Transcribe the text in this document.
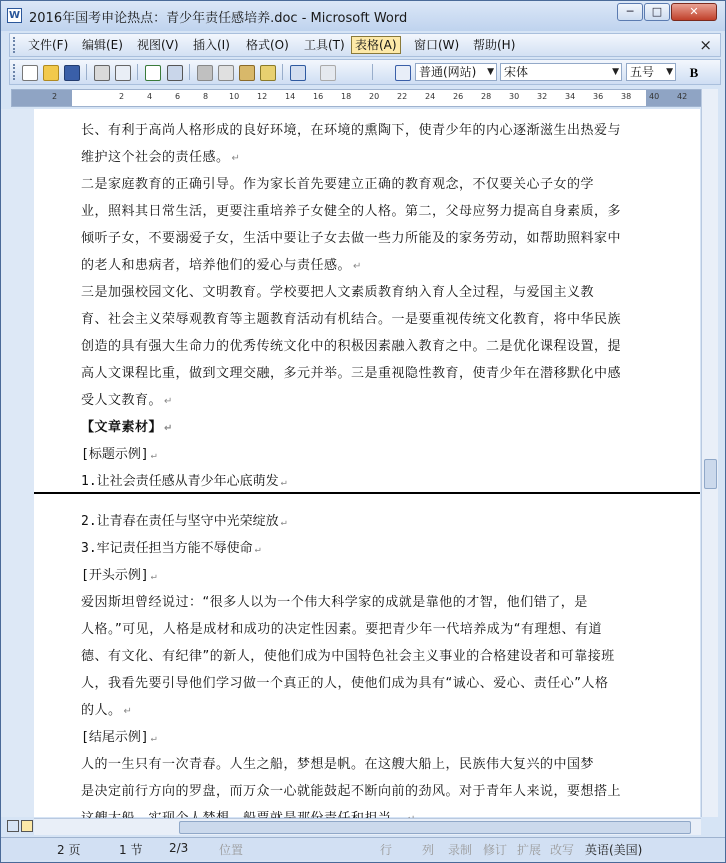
W 2016年国考申论热点：青少年责任感培养.doc - Microsoft Word	─	□	✕
文件(F) 编辑(E) 视图(V) 插入(I) 格式(O) 工具(T) 表格(A)	窗口(W) 帮助(H)	×
普通(网站) ▼ 宋体	▼ 五号 ▼	B
2	2	4	6	8	10 12 14 16 18 20 22 24 26 28 30 32 34 36 38 40 42
长、有利于高尚人格形成的良好环境，在环境的熏陶下，使青少年的内心逐渐滋生出热爱与
维护这个社会的责任感。 ↵
二是家庭教育的正确引导。作为家长首先要建立正确的教育观念，不仅要关心子女的学
业，照料其日常生活，更要注重培养子女健全的人格。第二，父母应努力提高自身素质，多
倾听子女，不要溺爱子女，生活中要让子女去做一些力所能及的家务劳动，如帮助照料家中
的老人和患病者，培养他们的爱心与责任感。 ↵
三是加强校园文化、文明教育。学校要把人文素质教育纳入育人全过程，与爱国主义教
育、社会主义荣辱观教育等主题教育活动有机结合。一是要重视传统文化教育，将中华民族
创造的具有强大生命力的优秀传统文化中的积极因素融入教育之中。二是优化课程设置，提
高人文课程比重，做到文理交融，多元并举。三是重视隐性教育，使青少年在潜移默化中感
受人文教育。 ↵
【文章素材】 ↵
[标题示例] ↵
1.让社会责任感从青少年心底萌发 ↵
2.让青春在责任与坚守中光荣绽放 ↵
3.牢记责任担当方能不辱使命 ↵
[开头示例] ↵
爱因斯坦曾经说过：“很多人以为一个伟大科学家的成就是靠他的才智，他们错了，是
人格。”可见，人格是成材和成功的决定性因素。要把青少年一代培养成为“有理想、有道
德、有文化、有纪律”的新人，使他们成为中国特色社会主义事业的合格建设者和可靠接班
人，我看先要引导他们学习做一个真正的人，使他们成为具有“诚心、爱心、责任心”人格
的人。 ↵
[结尾示例] ↵
人的一生只有一次青春。人生之船，梦想是帆。在这艘大船上，民族伟大复兴的中国梦
是决定前行方向的罗盘，而万众一心就能鼓起不断向前的劲风。对于青年人来说，要想搭上
2 页	1 节 2/3	位置	行 列 录制 修订 扩展 改写 英语(美国)
